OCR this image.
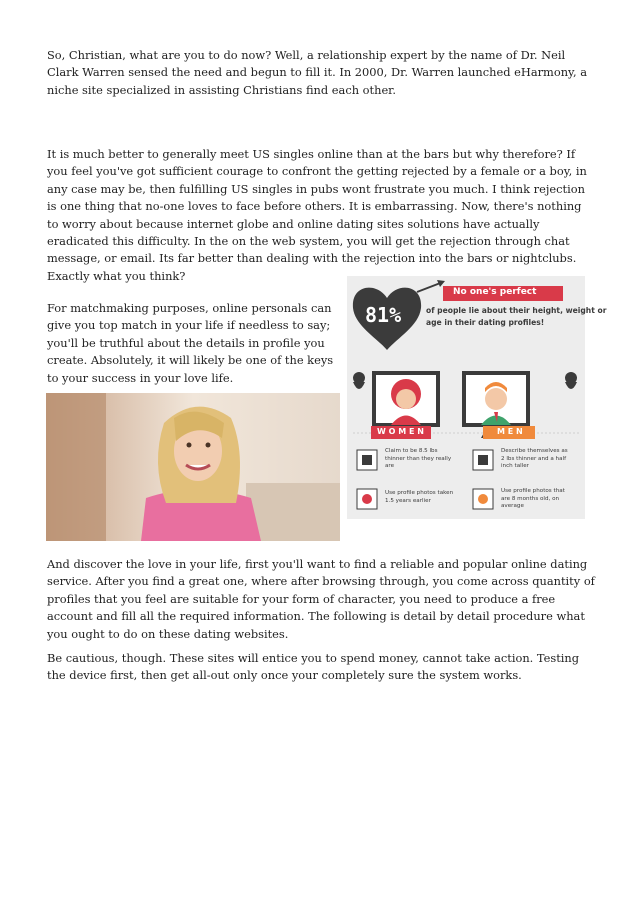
So, Christian, what are you to do now? Well, a relationship expert by the name of Dr. Neil Clark Warren sensed the need and begun to fill it. In 2000, Dr. Warren launched eHarmony, a niche site specialized in assisting Christians find each other.

It is much better to generally meet US singles online than at the bars but why therefore? If you feel you've got sufficient courage to confront the getting rejected by a female or a boy, in any case may be, then fulfilling US singles in pubs wont frustrate you much. I think rejection is one thing that no-one loves to face before others. It is embarrassing. Now, there's nothing to worry about because internet globe and online dating sites solutions have actually eradicated this difficulty. In the on the web system, you will get the rejection through chat message, or email. Its far better than dealing with the rejection into the bars or nightclubs. Exactly what you think?

For matchmaking purposes, online personals can give you top match in your life if needless to say; you'll be truthful about the details in profile you create. Absolutely, it will likely be one of the keys to your success in your love life.

81%
No one's perfect
of people lie about their height, weight or
age in their dating profiles!
W O M E N	M E N
Claim to be 8.5 lbs
thinner than they really
are
Describe themselves as
2 lbs thinner and a half
inch taller
Use profile photos taken
1.5 years earlier
Use profile photos that
are 8 months old, on
average

And discover the love in your life, first you'll want to find a reliable and popular online dating service. After you find a great one, where after browsing through, you come across quantity of profiles that you feel are suitable for your form of character, you need to produce a free account and fill all the required information. The following is detail by detail procedure what you ought to do on these dating websites.

Be cautious, though. These sites will entice you to spend money, cannot take action. Testing the device first, then get all-out only once your completely sure the system works.
